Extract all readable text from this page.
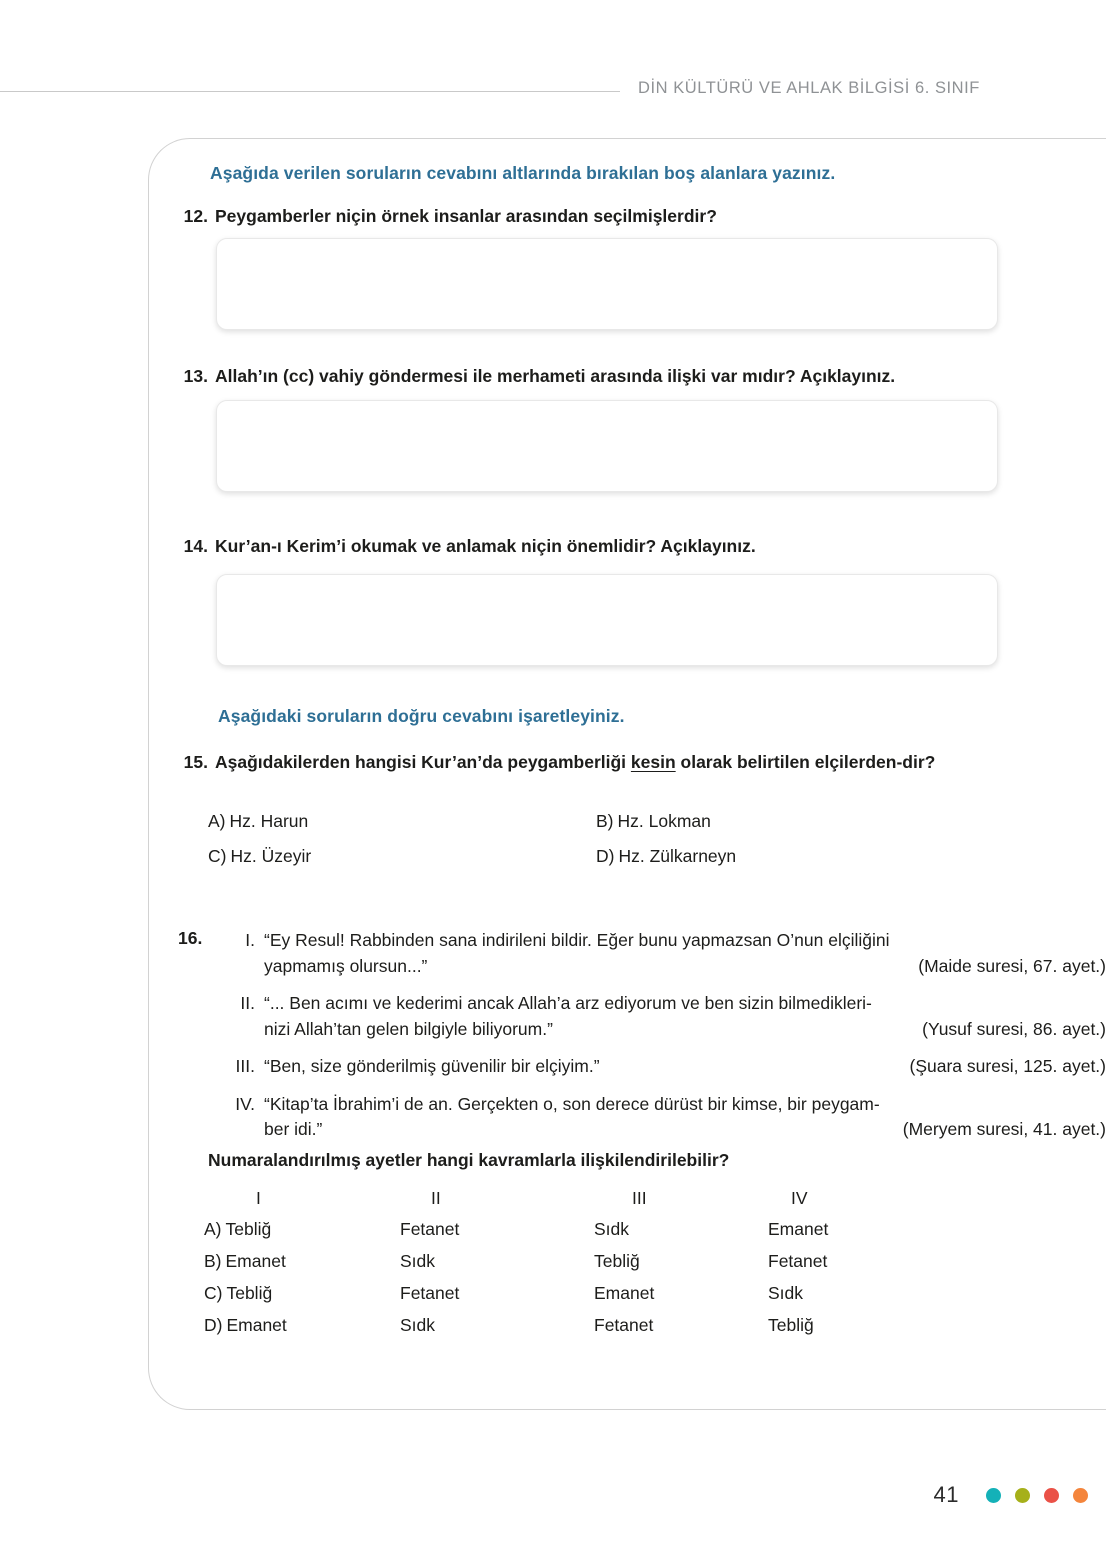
DİN KÜLTÜRÜ VE AHLAK BİLGİSİ 6. SINIF
Aşağıda verilen soruların cevabını altlarında bırakılan boş alanlara yazınız.
12. Peygamberler niçin örnek insanlar arasından seçilmişlerdir?
13. Allah’ın (cc) vahiy göndermesi ile merhameti arasında ilişki var mıdır? Açıklayınız.
14. Kur’an-ı Kerim’i okumak ve anlamak niçin önemlidir? Açıklayınız.
Aşağıdaki soruların doğru cevabını işaretleyiniz.
15. Aşağıdakilerden hangisi Kur’an’da peygamberliği kesin olarak belirtilen elçilerden-dir?
A) Hz. Harun	B) Hz. Lokman
C) Hz. Üzeyir	D) Hz. Zülkarneyn
16.	I. “Ey Resul! Rabbinden sana indirileni bildir. Eğer bunu yapmazsan O’nun elçiliğini
yapmamış olursun...”	(Maide suresi, 67. ayet.)
II. “... Ben acımı ve kederimi ancak Allah’a arz ediyorum ve ben sizin bilmedikleri-
nizi Allah’tan gelen bilgiyle biliyorum.”	(Yusuf suresi, 86. ayet.)
III. “Ben, size gönderilmiş güvenilir bir elçiyim.”	(Şuara suresi, 125. ayet.)
IV. “Kitap’ta İbrahim’i de an. Gerçekten o, son derece dürüst bir kimse, bir peygam-
ber idi.”	(Meryem suresi, 41. ayet.)
Numaralandırılmış ayetler hangi kavramlarla ilişkilendirilebilir?
I	II	III	IV
A) Tebliğ	Fetanet	Sıdk	Emanet
B) Emanet	Sıdk	Tebliğ	Fetanet
C) Tebliğ	Fetanet	Emanet	Sıdk
D) Emanet	Sıdk	Fetanet	Tebliğ
41
